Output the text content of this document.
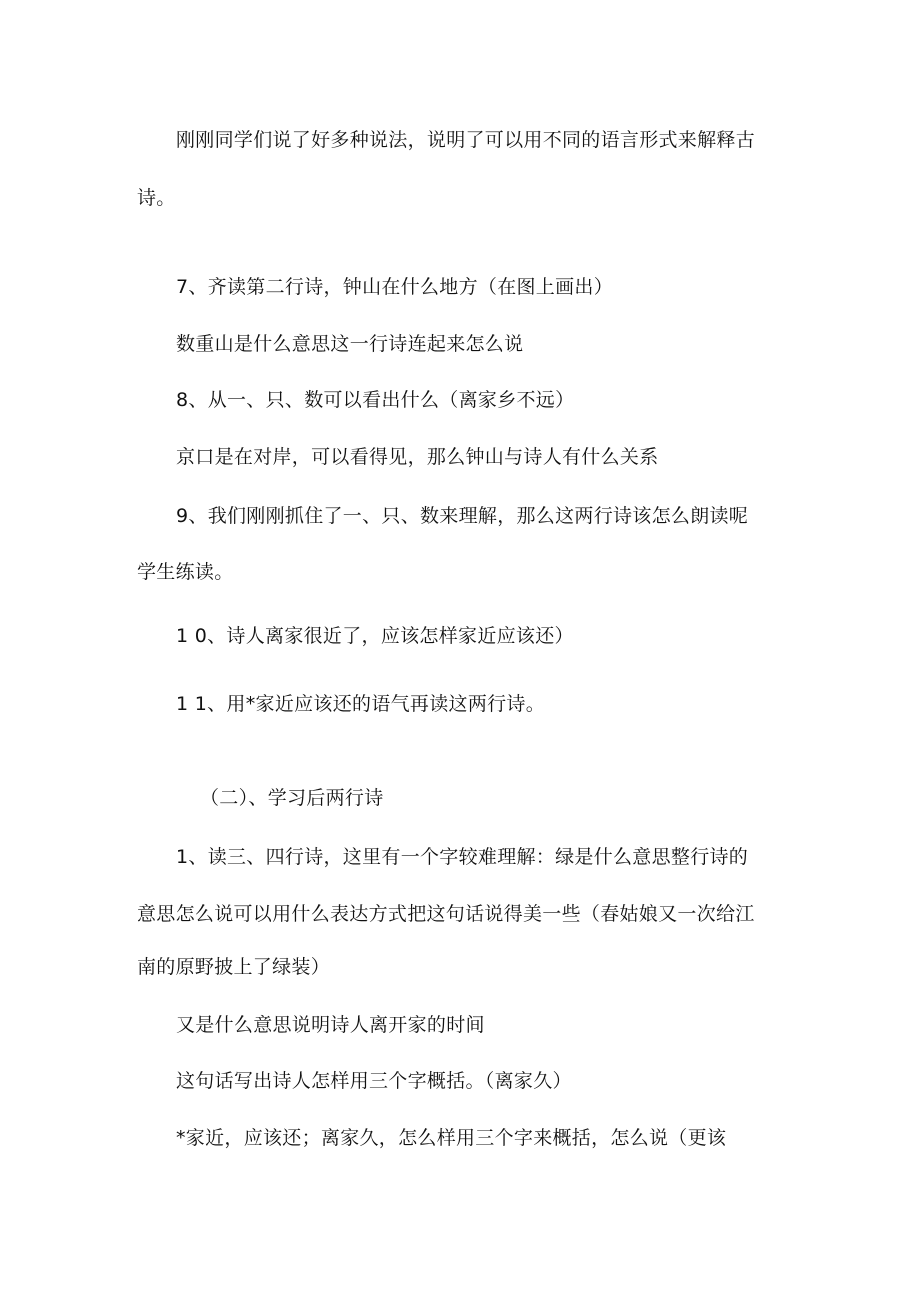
刚刚同学们说了好多种说法，说明了可以用不同的语言形式来解释古
诗。
7、齐读第二行诗，钟山在什么地方（在图上画出）
数重山是什么意思这一行诗连起来怎么说
8、从一、只、数可以看出什么（离家乡不远）
京口是在对岸，可以看得见，那么钟山与诗人有什么关系
9、我们刚刚抓住了一、只、数来理解，那么这两行诗该怎么朗读呢
学生练读。
1 0、诗人离家很近了，应该怎样家近应该还）
1 1、用*家近应该还的语气再读这两行诗。
（二）、学习后两行诗
1、读三、四行诗，这里有一个字较难理解：绿是什么意思整行诗的
意思怎么说可以用什么表达方式把这句话说得美一些（春姑娘又一次给江
南的原野披上了绿装）
又是什么意思说明诗人离开家的时间
这句话写出诗人怎样用三个字概括。（离家久）
*家近，应该还；离家久，怎么样用三个字来概括，怎么说（更该
